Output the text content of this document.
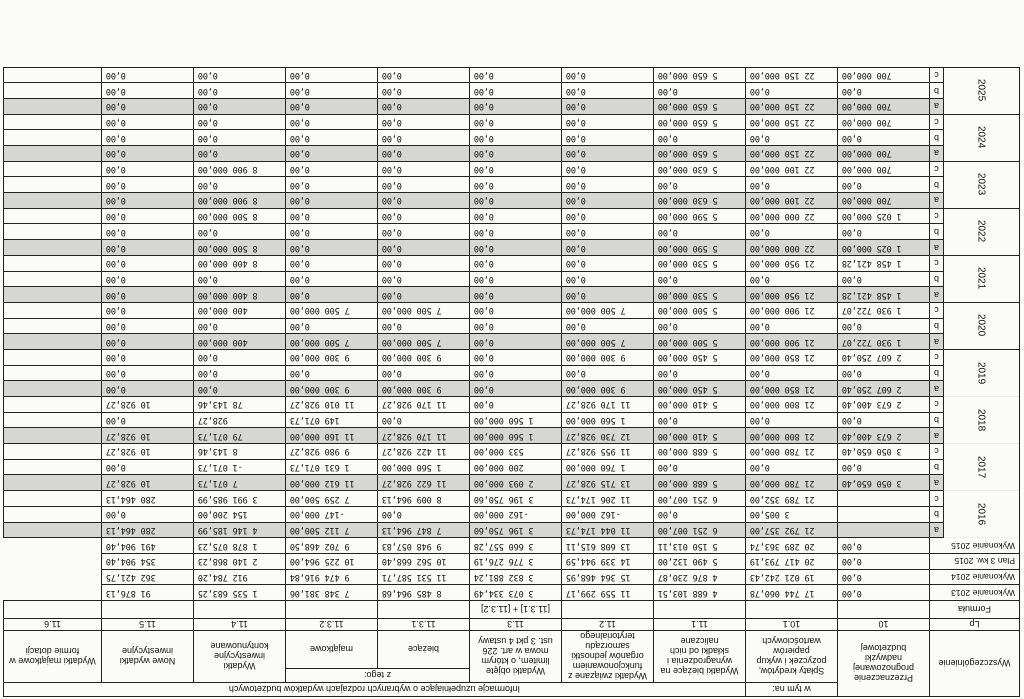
Wyszczególnienie		Przeznaczenie prognozowanej nadwyżki budżetowej	w tym na:	Informacje uzupełniające o wybranych rodzajach wydatków budżetowych							
			Spłaty kredytów, pożyczek i wykup papierów wartościowych	Wydatki bieżące na wynagrodzenia i składki od nich naliczane	Wydatki związane z funkcjonowaniem organów jednostki samorządu terytorialnego	Wydatki objęte limitem, o którym mowa w art. 226 ust. 3 pkt 4 ustawy	z tego:		Wydatki inwestycyjne kontynuowane	Nowe wydatki inwestycyjne	Wydatki majątkowe w formie dotacji
							bieżące	majątkowe			
Lp		10	10.1	11.1	11.2	11.3	11.3.1	11.3.2	11.4	11.5	11.6
Formuła						[11.3.1] + [11.3.2]					
Wykonanie 2013		0,00	17 744 060,78	4 688 103,51	11 559 299,17	3 073 334,49	8 485 964,68	7 348 381,06	1 535 683,25	91 876,13	
Wykonanie 2014		0,00	19 021 242,43	4 876 230,87	15 364 468,95	3 832 881,24	11 531 587,71	9 474 916,84	912 784,20	362 421,75	
Plan 3 kw. 2015		0,00	20 417 793,19	5 490 132,00	14 339 944,59	3 776 276,19	10 562 668,40	10 225 964,00	2 140 868,23	354 904,40	
Wykonanie 2015		0,00	20 289 363,74	5 150 013,11	13 608 615,11	3 660 557,28	9 948 057,83	9 702 468,50	1 878 075,23	491 904,40	
2016	a		21 792 357,00	6 251 007,00	11 044 174,73	3 196 750,60	7 847 964,13	7 112 500,00	4 146 185,99	280 464,13	
	b		3 005,00	0,00	-162 000,00	-162 000,00	0,00	-147 000,00	154 200,00	0,00	
	c		21 789 352,00	6 251 007,00	11 206 174,73	3 196 750,60	8 009 964,13	7 259 500,00	3 991 985,99	280 464,13	
2017	a	3 050 650,40	21 780 000,00	5 688 000,00	13 715 928,27	2 093 000,00	11 622 928,27	11 612 000,00	7 071,73	10 928,27	
	b	0,00	0,00	0,00	1 760 000,00	200 000,00	1 560 000,00	1 631 071,73	-1 071,73	0,00	
	c	3 050 650,40	21 780 000,00	5 688 000,00	11 955 928,27	533 000,00	11 422 928,27	9 980 928,27	8 143,46	10 928,27	
2018	a	2 673 400,40	21 800 000,00	5 410 000,00	12 730 928,27	1 560 000,00	11 170 928,27	11 160 000,00	79 071,73	10 928,27	
	b	0,00	0,00	0,00	1 560 000,00	1 560 000,00	0,00	149 071,73	928,27	0,00	
	c	2 673 400,40	21 800 000,00	5 410 000,00	11 170 928,27	0,00	11 170 928,27	11 010 928,27	78 143,46	10 928,27	
2019	a	2 607 250,40	21 850 000,00	5 450 000,00	9 300 000,00	0,00	9 300 000,00	9 300 000,00	0,00	0,00	
	b	0,00	0,00	0,00	0,00	0,00	0,00	0,00	0,00	0,00	
	c	2 607 250,40	21 850 000,00	5 450 000,00	9 300 000,00	0,00	9 300 000,00	9 300 000,00	0,00	0,00	
2020	a	1 930 722,07	21 900 000,00	5 500 000,00	7 500 000,00	0,00	7 500 000,00	7 500 000,00	400 000,00	0,00	
	b	0,00	0,00	0,00	0,00	0,00	0,00	0,00	0,00	0,00	
	c	1 930 722,07	21 900 000,00	5 500 000,00	7 500 000,00	0,00	7 500 000,00	7 500 000,00	400 000,00	0,00	
2021	a	1 458 421,28	21 950 000,00	5 530 000,00	0,00	0,00	0,00	0,00	8 400 000,00	0,00	
	b	0,00	0,00	0,00	0,00	0,00	0,00	0,00	0,00	0,00	
	c	1 458 421,28	21 950 000,00	5 530 000,00	0,00	0,00	0,00	0,00	8 400 000,00	0,00	
2022	a	1 025 000,00	22 000 000,00	5 590 000,00	0,00	0,00	0,00	0,00	8 500 000,00	0,00	
	b	0,00	0,00	0,00	0,00	0,00	0,00	0,00	0,00	0,00	
	c	1 025 000,00	22 000 000,00	5 590 000,00	0,00	0,00	0,00	0,00	8 500 000,00	0,00	
2023	a	700 000,00	22 100 000,00	5 630 000,00	0,00	0,00	0,00	0,00	8 900 000,00	0,00	
	b	0,00	0,00	0,00	0,00	0,00	0,00	0,00	0,00	0,00	
	c	700 000,00	22 100 000,00	5 630 000,00	0,00	0,00	0,00	0,00	8 900 000,00	0,00	
2024	a	700 000,00	22 150 000,00	5 650 000,00	0,00	0,00	0,00	0,00	0,00	0,00	
	b	0,00	0,00	0,00	0,00	0,00	0,00	0,00	0,00	0,00	
	c	700 000,00	22 150 000,00	5 650 000,00	0,00	0,00	0,00	0,00	0,00	0,00	
2025	a	700 000,00	22 150 000,00	5 650 000,00	0,00	0,00	0,00	0,00	0,00	0,00	
	b	0,00	0,00	0,00	0,00	0,00	0,00	0,00	0,00	0,00	
	c	700 000,00	22 150 000,00	5 650 000,00	0,00	0,00	0,00	0,00	0,00	0,00	
